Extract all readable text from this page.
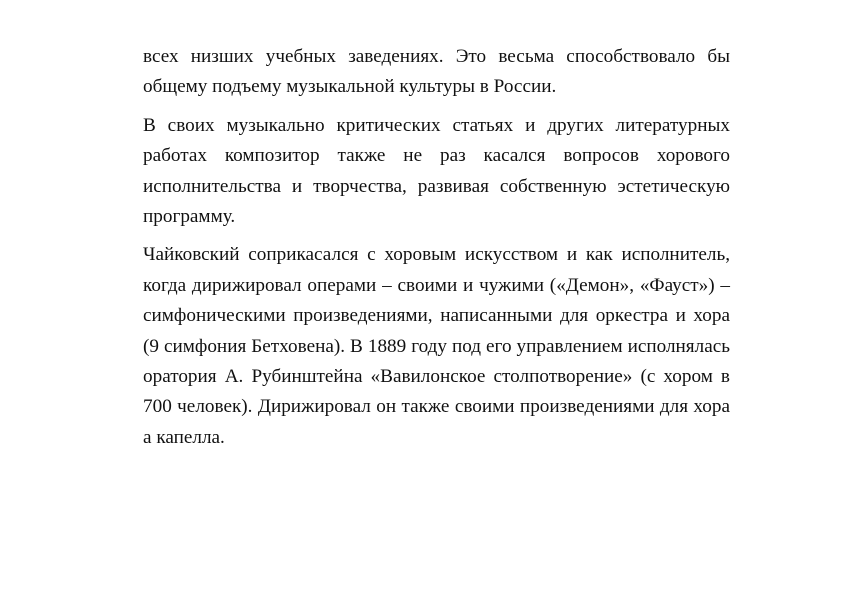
всех низших учебных заведениях. Это весьма способствовало бы общему подъему музыкальной культуры в России.

В своих музыкально критических статьях и других литературных работах композитор также не раз касался вопросов хорового исполнительства и творчества, развивая собственную эстетическую программу.

Чайковский соприкасался с хоровым искусством и как исполнитель, когда дирижировал операми – своими и чужими («Демон», «Фауст») – симфоническими произведениями, написанными для оркестра и хора (9 симфония Бетховена). В 1889 году под его управлением исполнялась оратория А. Рубинштейна «Вавилонское столпотворение» (с хором в 700 человек). Дирижировал он также своими произведениями для хора а капелла.
